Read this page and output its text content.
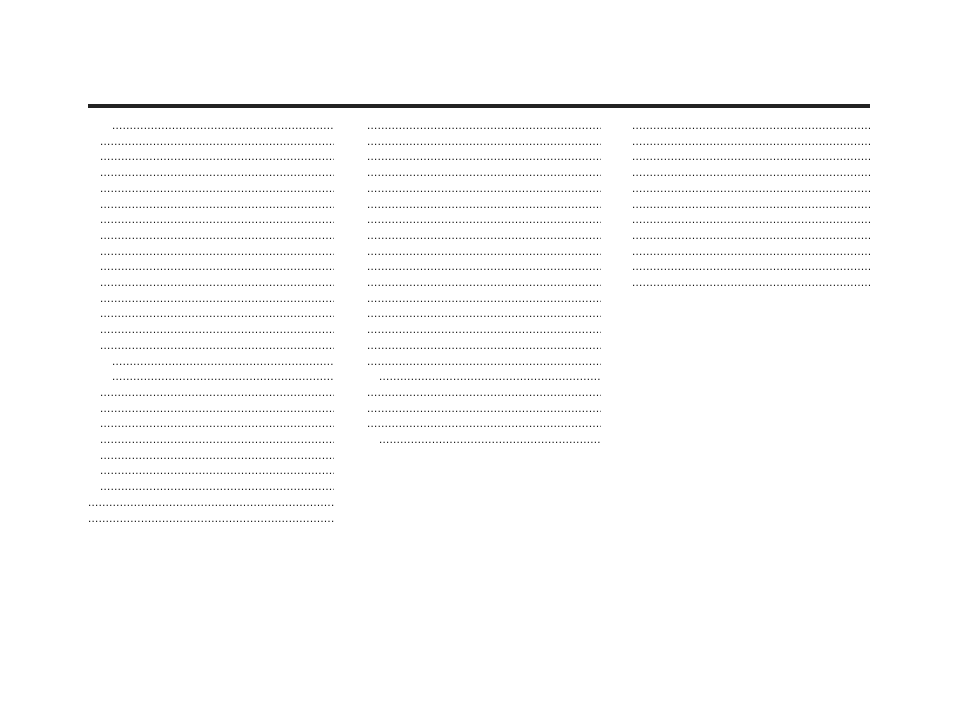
.....
.....
.....
.....
.....
.....
.....
.....
.....
.....
.....
.....
.....
.....
.....
.....
.....
.....
.....
.....
.....
.....
.....
.....
.....
.....
.....
.....
.....
.....
.....
.....
.....
.....
.....
.....
.....
.....
.....
.....
.....
.....
.....
.....
.....
.....
.....
.....
.....
.....
.....
.....
.....
.....
.....
.....
.....
.....
